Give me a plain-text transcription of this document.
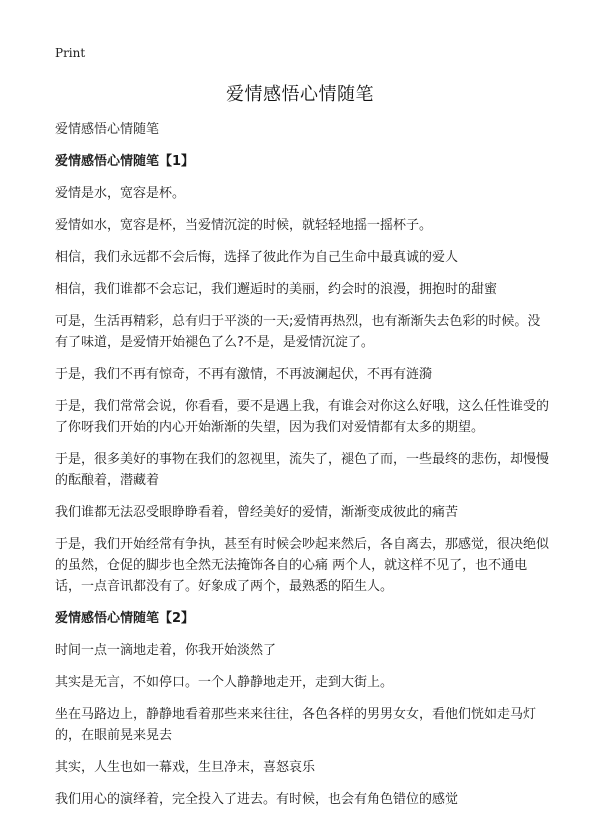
Print
爱情感悟心情随笔

爱情感悟心情随笔

爱情感悟心情随笔【1】

爱情是水，宽容是杯。

爱情如水，宽容是杯，当爱情沉淀的时候，就轻轻地摇一摇杯子。

相信，我们永远都不会后悔，选择了彼此作为自己生命中最真诚的爱人

相信，我们谁都不会忘记，我们邂逅时的美丽，约会时的浪漫，拥抱时的甜蜜

可是，生活再精彩，总有归于平淡的一天;爱情再热烈，也有渐渐失去色彩的时候。没有了味道，是爱情开始褪色了么?不是，是爱情沉淀了。

于是，我们不再有惊奇，不再有激情，不再波澜起伏，不再有涟漪

于是，我们常常会说，你看看，要不是遇上我，有谁会对你这么好哦，这么任性谁受的了你呀我们开始的内心开始渐渐的失望，因为我们对爱情都有太多的期望。

于是，很多美好的事物在我们的忽视里，流失了，褪色了而，一些最终的悲伤，却慢慢的酝酿着，潜藏着

我们谁都无法忍受眼睁睁看着，曾经美好的爱情，渐渐变成彼此的痛苦

于是，我们开始经常有争执，甚至有时候会吵起来然后，各自离去，那感觉，很决绝似的虽然，仓促的脚步也全然无法掩饰各自的心痛 两个人，就这样不见了，也不通电话，一点音讯都没有了。好象成了两个，最熟悉的陌生人。

爱情感悟心情随笔【2】

时间一点一滴地走着，你我开始淡然了

其实是无言，不如停口。一个人静静地走开，走到大街上。

坐在马路边上，静静地看着那些来来往往，各色各样的男男女女，看他们恍如走马灯的，在眼前晃来晃去

其实，人生也如一幕戏，生旦净末，喜怒哀乐

我们用心的演绎着，完全投入了进去。有时候，也会有角色错位的感觉
